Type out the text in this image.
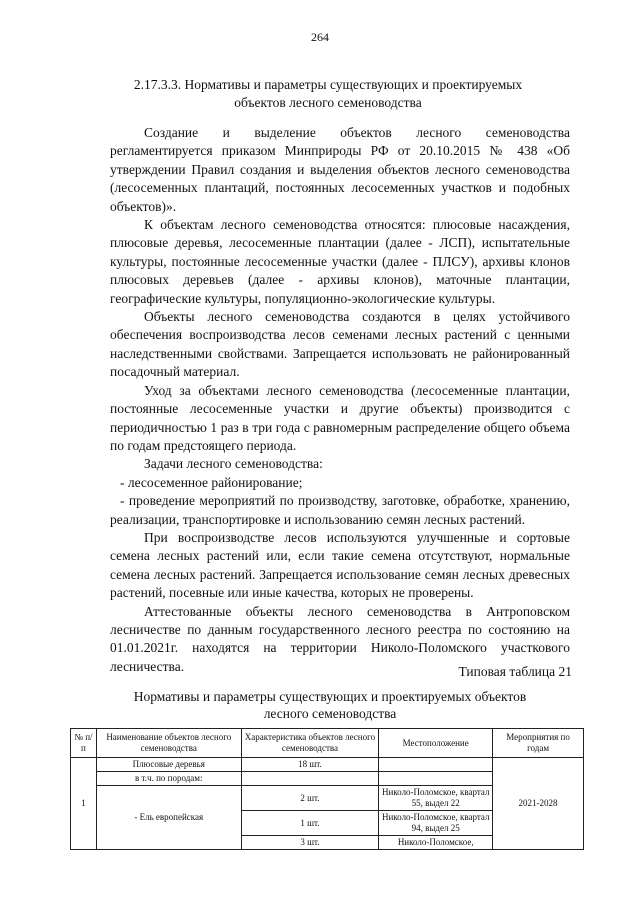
264
2.17.3.3. Нормативы и параметры существующих и проектируемых
объектов лесного семеноводства

Создание и выделение объектов лесного семеноводства регламентируется приказом Минприроды РФ от 20.10.2015 № 438 «Об утверждении Правил создания и выделения объектов лесного семеноводства (лесосеменных плантаций, постоянных лесосеменных участков и подобных объектов)».

К объектам лесного семеноводства относятся: плюсовые насаждения, плюсовые деревья, лесосеменные плантации (далее - ЛСП), испытательные культуры, постоянные лесосеменные участки (далее - ПЛСУ), архивы клонов плюсовых деревьев (далее - архивы клонов), маточные плантации, географические культуры, популяционно-экологические культуры.

Объекты лесного семеноводства создаются в целях устойчивого обеспечения воспроизводства лесов семенами лесных растений с ценными наследственными свойствами. Запрещается использовать не районированный посадочный материал.

Уход за объектами лесного семеноводства (лесосеменные плантации, постоянные лесосеменные участки и другие объекты) производится с периодичностью 1 раз в три года с равномерным распределение общего объема по годам предстоящего периода.

Задачи лесного семеноводства:

- лесосеменное районирование;

- проведение мероприятий по производству, заготовке, обработке, хранению, реализации, транспортировке и использованию семян лесных растений.

При воспроизводстве лесов используются улучшенные и сортовые семена лесных растений или, если такие семена отсутствуют, нормальные семена лесных растений. Запрещается использование семян лесных древесных растений, посевные или иные качества, которых не проверены.

Аттестованные объекты лесного семеноводства в Антроповском лесничестве по данным государственного лесного реестра по состоянию на 01.01.2021г. находятся на территории Николо-Поломского участкового лесничества.	Типовая таблица 21
Нормативы и параметры существующих и проектируемых объектов
лесного семеноводства
№ п/п	Наименование объектов лесного семеноводства	Характеристика объектов лесного семеноводства	Местоположение	Мероприятия по годам
1	Плюсовые деревья	18 шт.		2021-2028
	в т.ч. по породам:			
	- Ель европейская	2 шт.	Николо-Поломское, квартал 55, выдел 22	
		1 шт.	Николо-Поломское, квартал 94, выдел 25	
		3 шт.	Николо-Поломское,	
